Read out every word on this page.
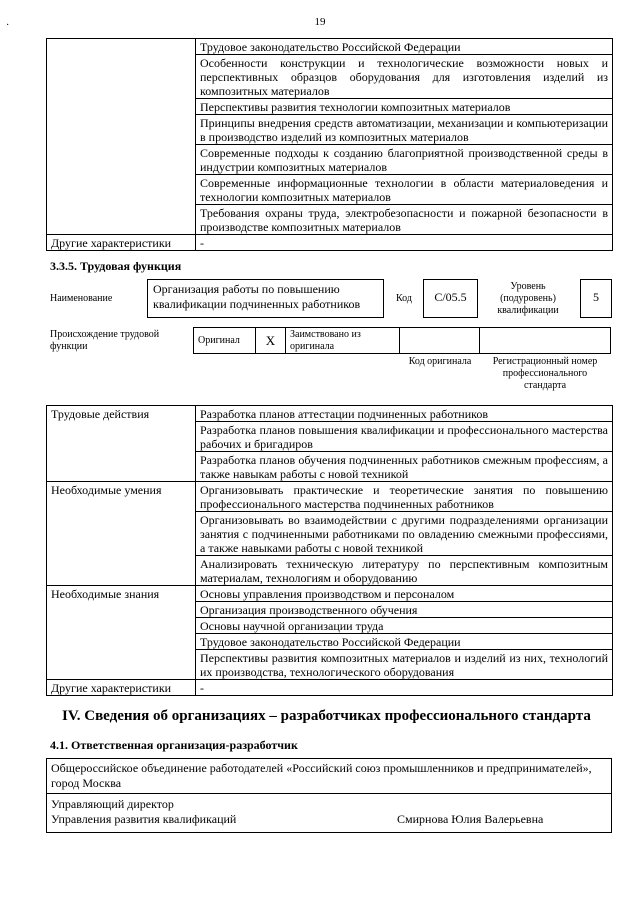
19
·
	Трудовое законодательство Российской Федерации
	Особенности конструкции и технологические возможности новых и перспективных образцов оборудования для изготовления изделий из композитных материалов
	Перспективы развития технологии композитных материалов
	Принципы внедрения средств автоматизации, механизации и компьютеризации в производство изделий из композитных материалов
	Современные подходы к созданию благоприятной производственной среды в индустрии композитных материалов
	Современные информационные технологии в области материаловедения и технологии композитных материалов
	Требования охраны труда, электробезопасности и пожарной безопасности в производстве композитных материалов
Другие характеристики	-
3.3.5. Трудовая функция
Наименование
Организация работы по повышению квалификации подчиненных работников	Код	С/05.5
Уровень (подуровень) квалификации
5
Происхождение трудовой функции
Оригинал	X	Заимствовано из оригинала		
Код оригинала	Регистрационный номер профессионального стандарта
Трудовые действия	Разработка планов аттестации подчиненных работников
	Разработка планов повышения квалификации и профессионального мастерства рабочих и бригадиров
	Разработка планов обучения подчиненных работников смежным профессиям, а также навыкам работы с новой техникой
Необходимые умения	Организовывать практические и теоретические занятия по повышению профессионального мастерства подчиненных работников
	Организовывать во взаимодействии с другими подразделениями организации занятия с подчиненными работниками по овладению смежными профессиями, а также навыками работы с новой техникой
	Анализировать техническую литературу по перспективным композитным материалам, технологиям и оборудованию
Необходимые знания	Основы управления производством и персоналом
	Организация производственного обучения
	Основы научной организации труда
	Трудовое законодательство Российской Федерации
	Перспективы развития композитных материалов и изделий из них, технологий их производства, технологического оборудования
Другие характеристики	-
IV. Сведения об организациях – разработчиках профессионального стандарта
4.1. Ответственная организация-разработчик
Общероссийское объединение работодателей «Российский союз промышленников и предпринимателей», город Москва

Управляющий директор
Управления развития квалификаций	Смирнова Юлия Валерьевна
